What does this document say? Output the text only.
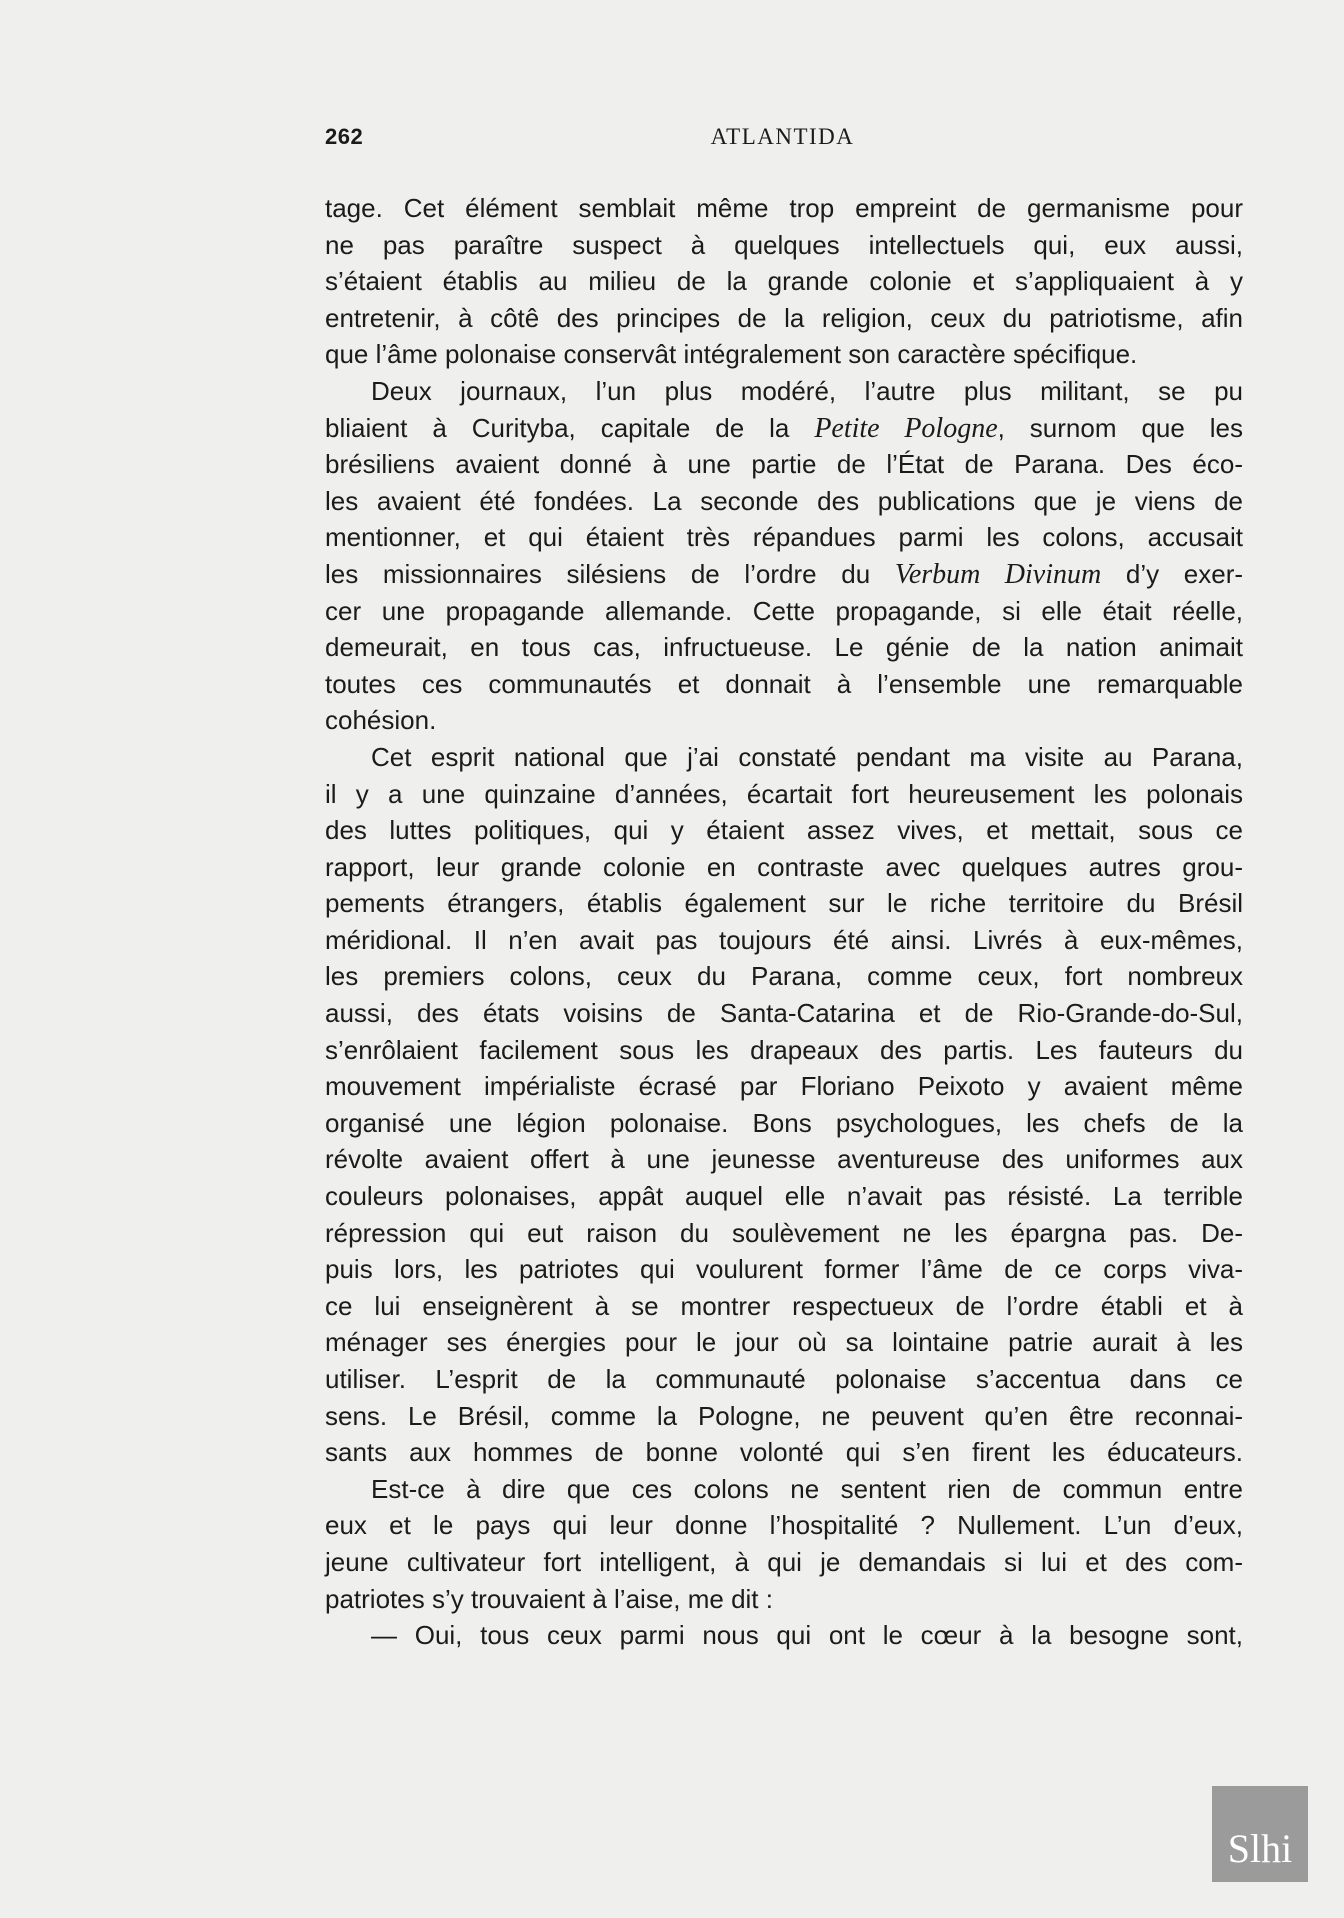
262	ATLANTIDA
tage. Cet élément semblait même trop empreint de germanisme pour
ne pas paraître suspect à quelques intellectuels qui, eux aussi,
s’étaient établis au milieu de la grande colonie et s’appliquaient à y
entretenir, à côtê des principes de la religion, ceux du patriotisme, afin
que l’âme polonaise conservât intégralement son caractère spécifique.
Deux journaux, l’un plus modéré, l’autre plus militant, se pu
bliaient à Curityba, capitale de la Petite Pologne, surnom que les
brésiliens avaient donné à une partie de l’État de Parana. Des éco-
les avaient été fondées. La seconde des publications que je viens de
mentionner, et qui étaient très répandues parmi les colons, accusait
les missionnaires silésiens de l’ordre du Verbum Divinum d’y exer-
cer une propagande allemande. Cette propagande, si elle était réelle,
demeurait, en tous cas, infructueuse. Le génie de la nation animait
toutes ces communautés et donnait à l’ensemble une remarquable
cohésion.
Cet esprit national que j’ai constaté pendant ma visite au Parana,
il y a une quinzaine d’années, écartait fort heureusement les polonais
des luttes politiques, qui y étaient assez vives, et mettait, sous ce
rapport, leur grande colonie en contraste avec quelques autres grou-
pements étrangers, établis également sur le riche territoire du Brésil
méridional. Il n’en avait pas toujours été ainsi. Livrés à eux-mêmes,
les premiers colons, ceux du Parana, comme ceux, fort nombreux
aussi, des états voisins de Santa-Catarina et de Rio-Grande-do-Sul,
s’enrôlaient facilement sous les drapeaux des partis. Les fauteurs du
mouvement impérialiste écrasé par Floriano Peixoto y avaient même
organisé une légion polonaise. Bons psychologues, les chefs de la
révolte avaient offert à une jeunesse aventureuse des uniformes aux
couleurs polonaises, appât auquel elle n’avait pas résisté. La terrible
répression qui eut raison du soulèvement ne les épargna pas. De-
puis lors, les patriotes qui voulurent former l’âme de ce corps viva-
ce lui enseignèrent à se montrer respectueux de l’ordre établi et à
ménager ses énergies pour le jour où sa lointaine patrie aurait à les
utiliser. L’esprit de la communauté polonaise s’accentua dans ce
sens. Le Brésil, comme la Pologne, ne peuvent qu’en être reconnai-
sants aux hommes de bonne volonté qui s’en firent les éducateurs.
Est-ce à dire que ces colons ne sentent rien de commun entre
eux et le pays qui leur donne l’hospitalité ? Nullement. L’un d’eux,
jeune cultivateur fort intelligent, à qui je demandais si lui et des com-
patriotes s’y trouvaient à l’aise, me dit :
— Oui, tous ceux parmi nous qui ont le cœur à la besogne sont,
Slhi
